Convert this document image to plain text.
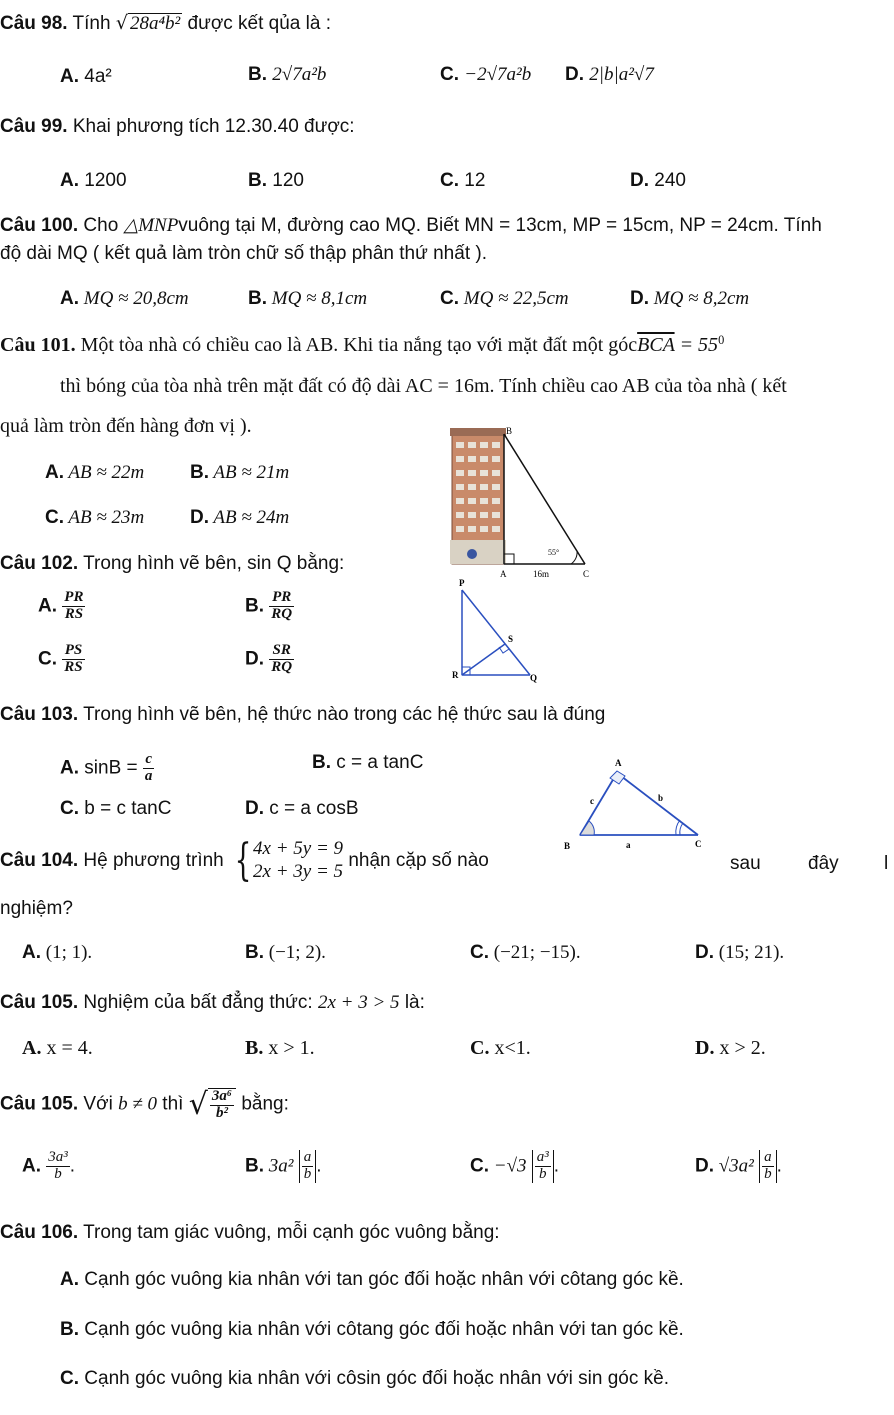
Câu 98. Tính √ 28a⁴b² được kết qủa là :
A. 4a²	B. 2√7a²b	C. −2√7a²b D. 2|b|a²√7
Câu 99. Khai phương tích 12.30.40 được:
A. 1200	B. 120	C. 12	D. 240
Câu 100. Cho △MNPvuông tại M, đường cao MQ. Biết MN = 13cm, MP = 15cm, NP = 24cm. Tính
độ dài MQ ( kết quả làm tròn chữ số thập phân thứ nhất ).
A. MQ ≈ 20,8cm	B. MQ ≈ 8,1cm	C. MQ ≈ 22,5cm	D. MQ ≈ 8,2cm
Câu 101. Một tòa nhà có chiều cao là AB. Khi tia nắng tạo với mặt đất một $góc\overline{BCA} = 55^0$
thì bóng của tòa nhà trên mặt đất có độ dài AC = 16m. Tính chiều cao AB của tòa nhà ( kết
quả làm tròn đến hàng đơn vị ).
A. AB ≈ 22m B. AB ≈ 21m
C. AB ≈ 23m D. AB ≈ 24m
B
A	C
16m
55°
Câu 102. Trong hình vẽ bên, sin Q bằng:
A. $\frac{PR}{RS}$	B. $\frac{PR}{RQ}$
C. $\frac{PS}{RS}$	D. $\frac{SR}{RQ}$
P
S
R	Q
Câu 103. Trong hình vẽ bên, hệ thức nào trong các hệ thức sau là đúng
A. $\sin B = \frac{c}{a}$	B. c = a tanC
C. b = c tanC	D. c = a cosB
A
B	C
a
b
c
Câu 104. Hệ phương trình { 4x + 5y = 9
2x + 3y = 5
nhận cặp số nào	sau đây l
nghiệm?
A. (1; 1).	B. (−1; 2).	C. (−21; −15).	D. (15; 21).
Câu 105. Nghiệm của bất đẳng thức: 2x + 3 > 5 là:
A. x = 4.	B. x > 1.	C. x<1.	D. x > 2.
Câu 105. Với b ≠ 0 thì √ $\frac{\text{3a⁶}}{\text{b²}}$ bằng:
A. $\frac{\text{3a³}}{b}$ .	B. $3a^2 \frac{a}{b}$ .	C. $-√3 \frac{\text{a³}}{b}$ .	D. $√3a^2 \frac{a}{b}$ .
Câu 106. Trong tam giác vuông, mỗi cạnh góc vuông bằng:
A. Cạnh góc vuông kia nhân với tan góc đối hoặc nhân với côtang góc kề.
B. Cạnh góc vuông kia nhân với côtang góc đối hoặc nhân với tan góc kề.
C. Cạnh góc vuông kia nhân với côsin góc đối hoặc nhân với sin góc kề.
